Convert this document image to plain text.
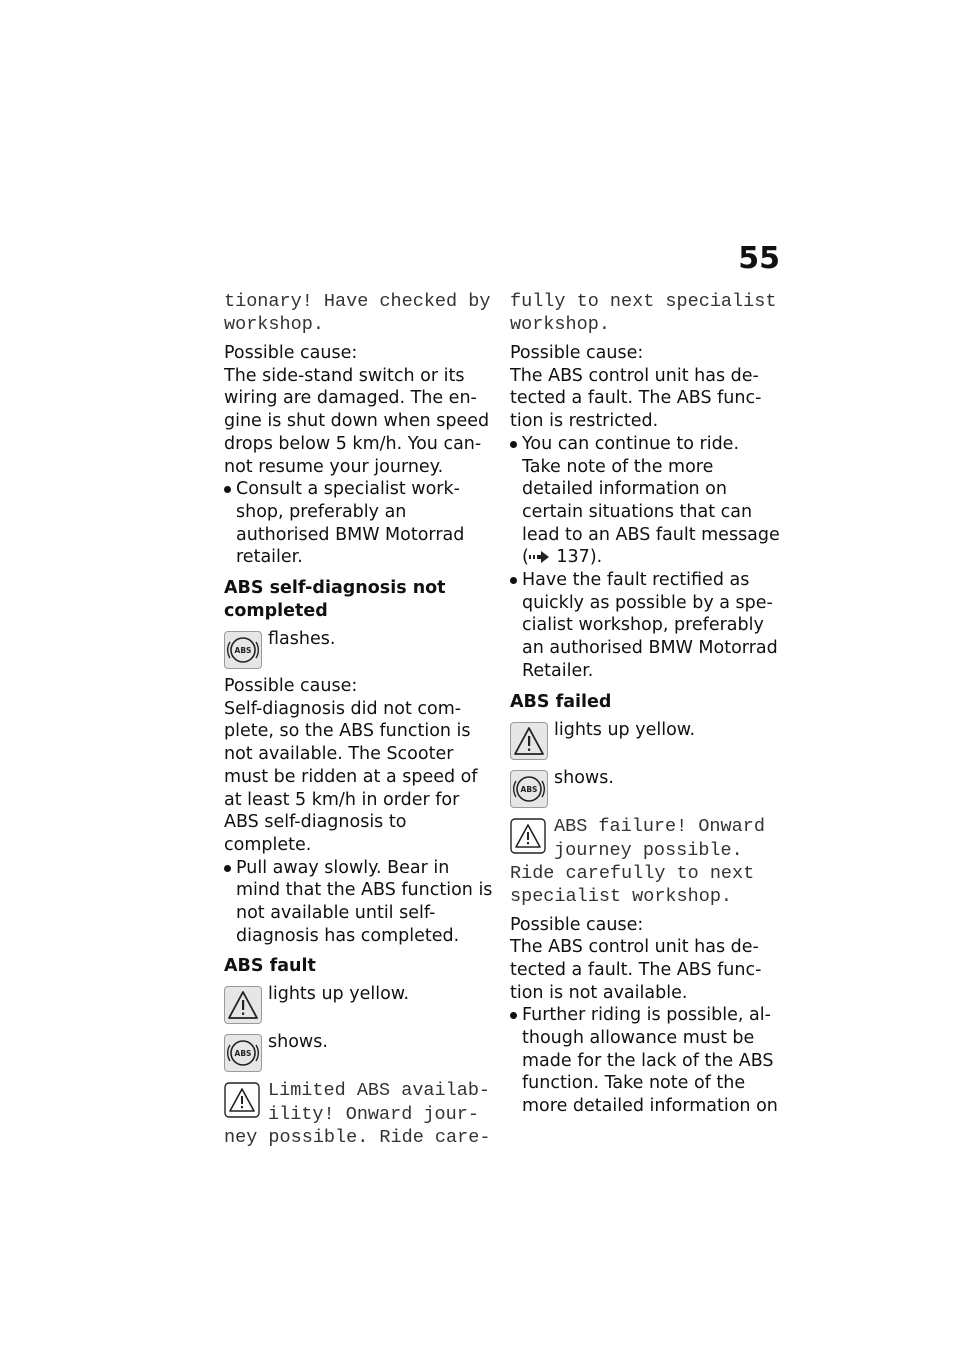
55

tionary! Have checked by workshop.

Possible cause:

The side-stand switch or its wiring are damaged. The en-gine is shut down when speed drops below 5 km/h. You can-not resume your journey.

Consult a specialist work-shop, preferably an authorised BMW Motorrad retailer.

ABS self-diagnosis not completed

ABS
flashes.

Possible cause:

Self-diagnosis did not com-plete, so the ABS function is not available. The Scooter must be ridden at a speed of at least 5 km/h in order for ABS self-diagnosis to complete.

Pull away slowly. Bear in mind that the ABS function is not available until self-diagnosis has completed.

ABS fault

lights up yellow.
ABS
shows.
Limited ABS availab-
ility! Onward jour-

ney possible. Ride care-

fully to next specialist workshop.

Possible cause:

The ABS control unit has de-tected a fault. The ABS func-tion is restricted.

You can continue to ride. Take note of the more detailed information on certain situations that can lead to an ABS fault message ( 137).
Have the fault rectified as quickly as possible by a spe-cialist workshop, preferably an authorised BMW Motorrad Retailer.

ABS failed

lights up yellow.
ABS
shows.
ABS failure! Onward
journey possible.

Ride carefully to next

specialist workshop.

Possible cause:

The ABS control unit has de-tected a fault. The ABS func-tion is not available.

Further riding is possible, al-though allowance must be made for the lack of the ABS function. Take note of the more detailed information on
